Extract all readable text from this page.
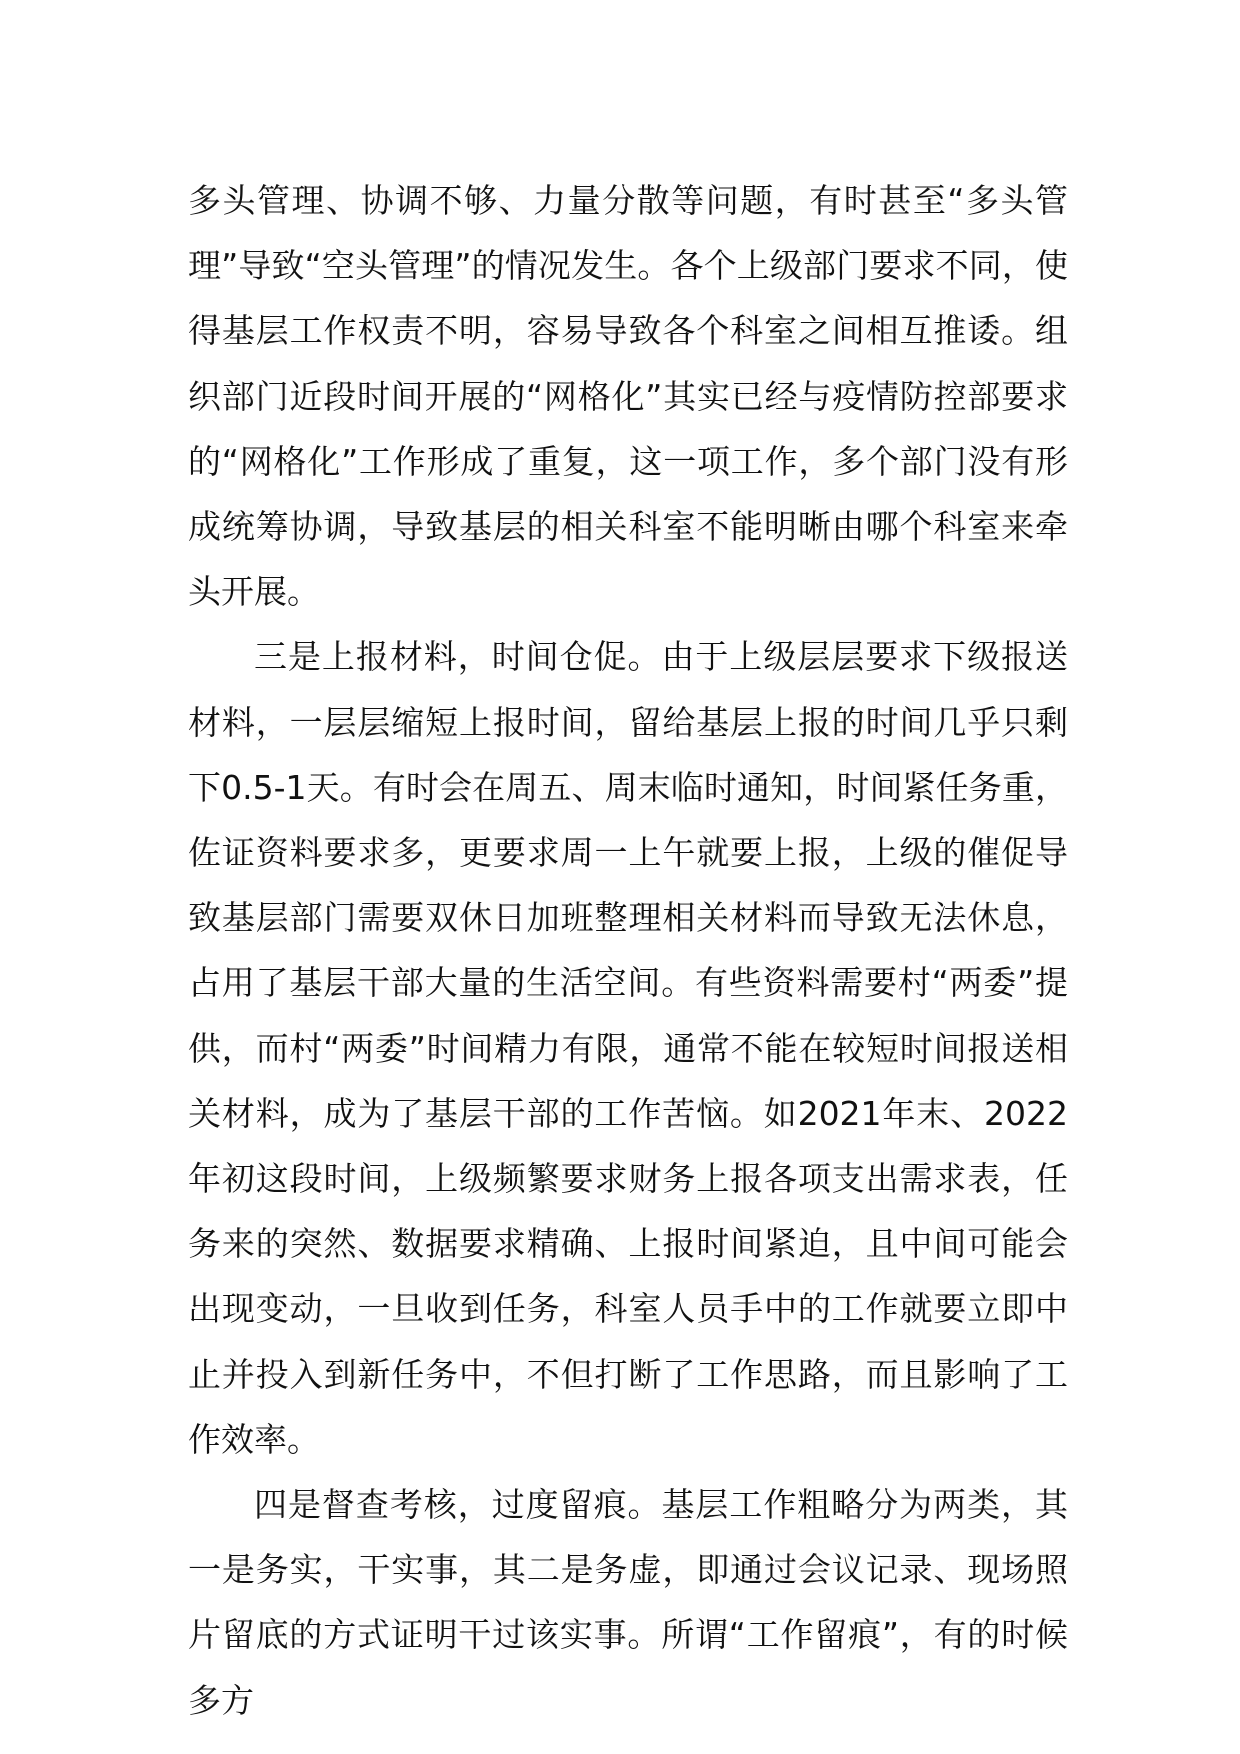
多头管理、协调不够、力量分散等问题，有时甚至“多头管理”导致“空头管理”的情况发生。各个上级部门要求不同，使得基层工作权责不明，容易导致各个科室之间相互推诿。组织部门近段时间开展的“网格化”其实已经与疫情防控部要求的“网格化”工作形成了重复，这一项工作，多个部门没有形成统筹协调，导致基层的相关科室不能明晰由哪个科室来牵头开展。

三是上报材料，时间仓促。由于上级层层要求下级报送材料，一层层缩短上报时间，留给基层上报的时间几乎只剩下0.5-1天。有时会在周五、周末临时通知，时间紧任务重，佐证资料要求多，更要求周一上午就要上报，上级的催促导致基层部门需要双休日加班整理相关材料而导致无法休息，占用了基层干部大量的生活空间。有些资料需要村“两委”提供，而村“两委”时间精力有限，通常不能在较短时间报送相关材料，成为了基层干部的工作苦恼。如2021年末、2022年初这段时间，上级频繁要求财务上报各项支出需求表，任务来的突然、数据要求精确、上报时间紧迫，且中间可能会出现变动，一旦收到任务，科室人员手中的工作就要立即中止并投入到新任务中，不但打断了工作思路，而且影响了工作效率。

四是督查考核，过度留痕。基层工作粗略分为两类，其一是务实，干实事，其二是务虚，即通过会议记录、现场照片留底的方式证明干过该实事。所谓“工作留痕”，有的时候多方
